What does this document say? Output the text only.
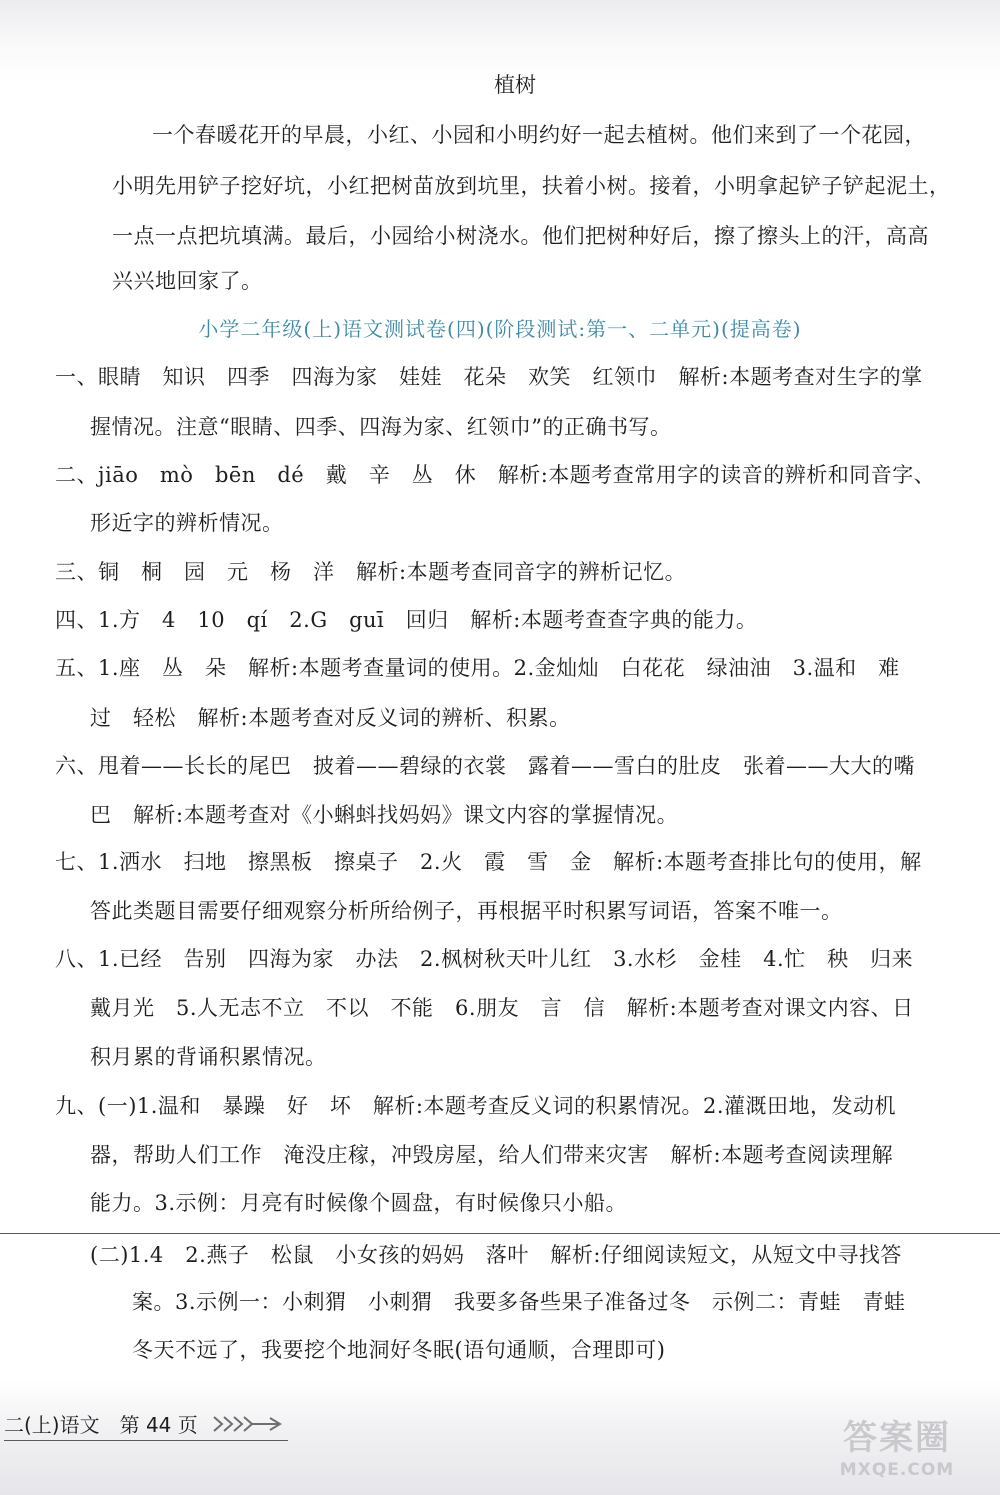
植树
一个春暖花开的早晨，小红、小园和小明约好一起去植树。他们来到了一个花园，
小明先用铲子挖好坑，小红把树苗放到坑里，扶着小树。接着，小明拿起铲子铲起泥土，
一点一点把坑填满。最后，小园给小树浇水。他们把树种好后，擦了擦头上的汗，高高
兴兴地回家了。
小学二年级(上)语文测试卷(四)(阶段测试:第一、二单元)(提高卷)
一、眼睛　知识　四季　四海为家　娃娃　花朵　欢笑　红领巾　解析:本题考查对生字的掌
握情况。注意“眼睛、四季、四海为家、红领巾”的正确书写。
二、jiāo　mò　bēn　dé　戴　辛　丛　休　解析:本题考查常用字的读音的辨析和同音字、
形近字的辨析情况。
三、铜　桐　园　元　杨　洋　解析:本题考查同音字的辨析记忆。
四、1.方　4　10　qí　2.G　guī　回归　解析:本题考查查字典的能力。
五、1.座　丛　朵　解析:本题考查量词的使用。2.金灿灿　白花花　绿油油　3.温和　难
过　轻松　解析:本题考查对反义词的辨析、积累。
六、甩着——长长的尾巴　披着——碧绿的衣裳　露着——雪白的肚皮　张着——大大的嘴
巴　解析:本题考查对《小蝌蚪找妈妈》课文内容的掌握情况。
七、1.洒水　扫地　擦黑板　擦桌子　2.火　霞　雪　金　解析:本题考查排比句的使用，解
答此类题目需要仔细观察分析所给例子，再根据平时积累写词语，答案不唯一。
八、1.已经　告别　四海为家　办法　2.枫树秋天叶儿红　3.水杉　金桂　4.忙　秧　归来
戴月光　5.人无志不立　不以　不能　6.朋友　言　信　解析:本题考查对课文内容、日
积月累的背诵积累情况。
九、(一)1.温和　暴躁　好　坏　解析:本题考查反义词的积累情况。2.灌溉田地，发动机
器，帮助人们工作　淹没庄稼，冲毁房屋，给人们带来灾害　解析:本题考查阅读理解
能力。3.示例：月亮有时候像个圆盘，有时候像只小船。
(二)1.4　2.燕子　松鼠　小女孩的妈妈　落叶　解析:仔细阅读短文，从短文中寻找答
案。3.示例一：小刺猬　小刺猬　我要多备些果子准备过冬　示例二：青蛙　青蛙
冬天不远了，我要挖个地洞好冬眠(语句通顺，合理即可)
二(上)语文　第 44 页	答案圈
MXQE.COM
